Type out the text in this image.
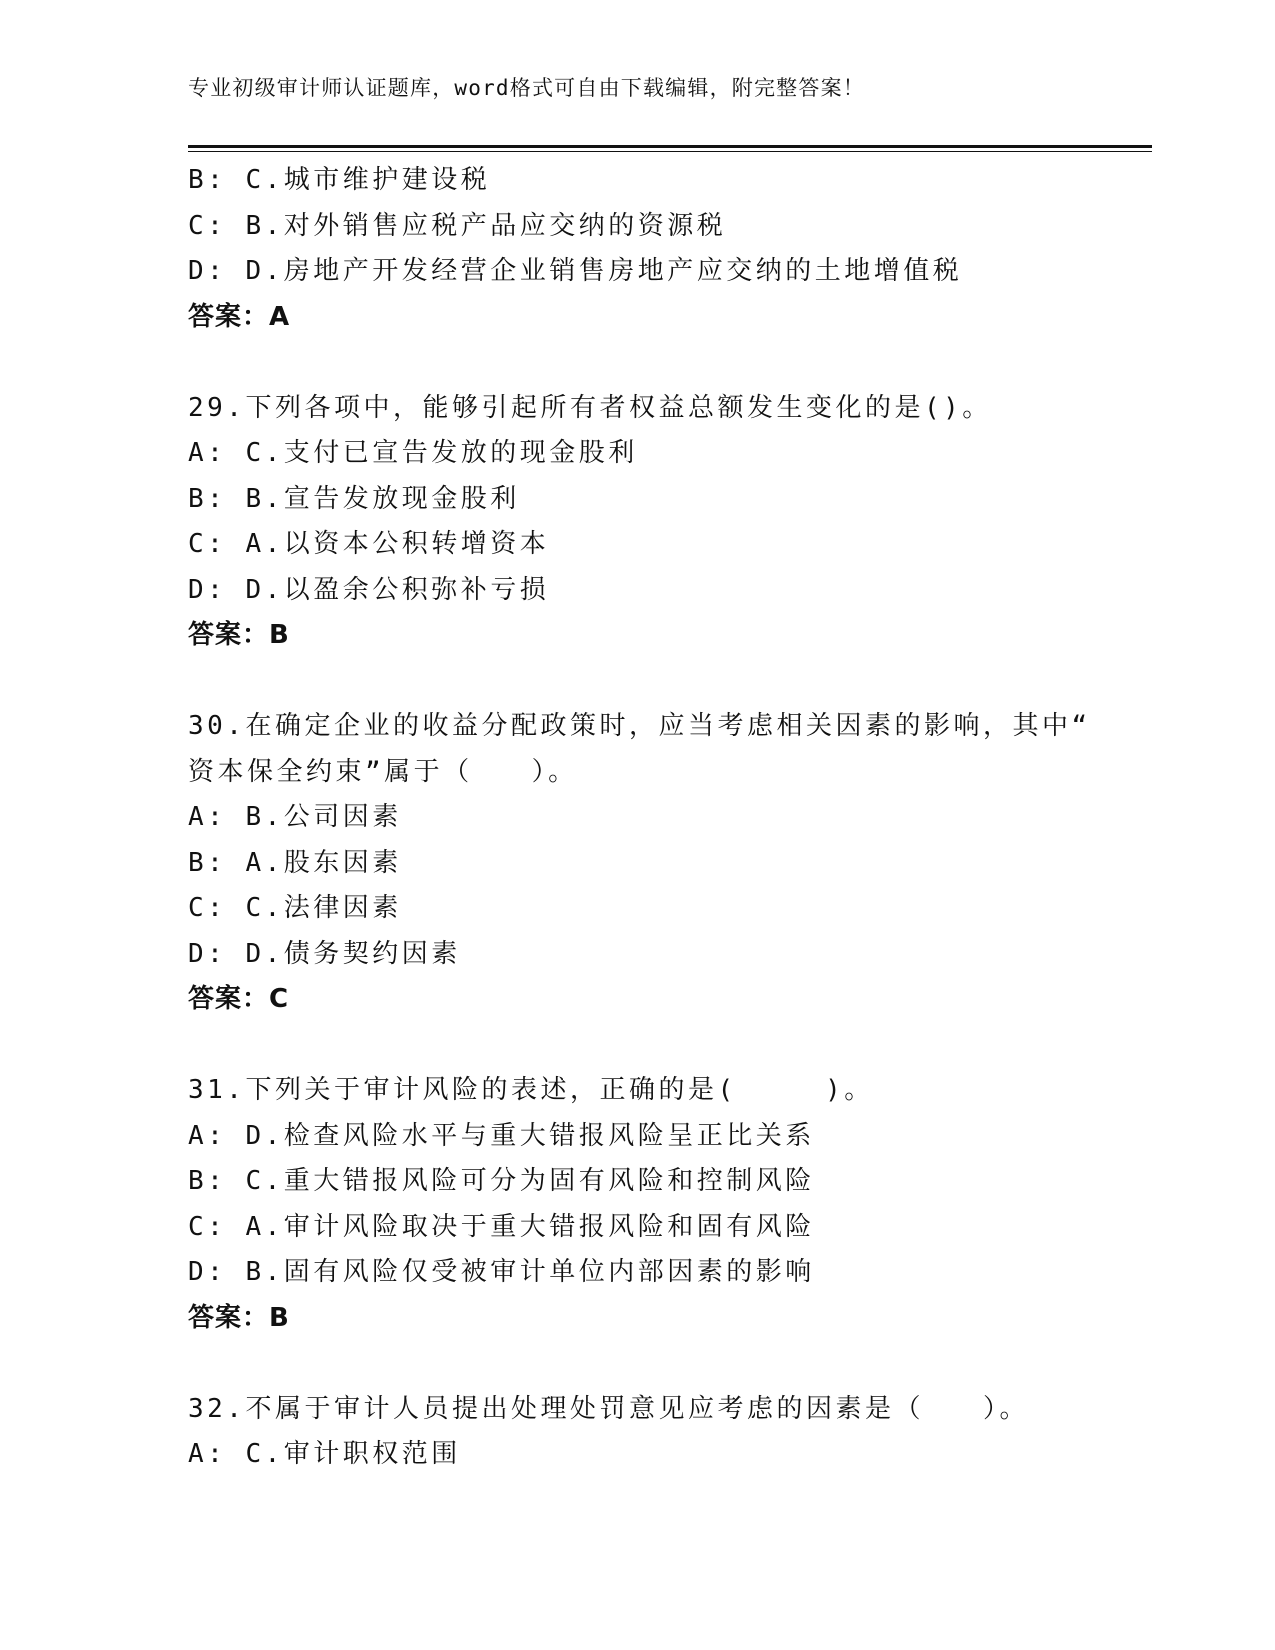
专业初级审计师认证题库，word格式可自由下载编辑，附完整答案！
B: C.城市维护建设税
C: B.对外销售应税产品应交纳的资源税
D: D.房地产开发经营企业销售房地产应交纳的土地增值税
答案：A
29.下列各项中，能够引起所有者权益总额发生变化的是()。
A: C.支付已宣告发放的现金股利
B: B.宣告发放现金股利
C: A.以资本公积转增资本
D: D.以盈余公积弥补亏损
答案：B
30.在确定企业的收益分配政策时，应当考虑相关因素的影响，其中“
资本保全约束”属于（　　）。
A: B.公司因素
B: A.股东因素
C: C.法律因素
D: D.债务契约因素
答案：C
31.下列关于审计风险的表述，正确的是(　　　)。
A: D.检查风险水平与重大错报风险呈正比关系
B: C.重大错报风险可分为固有风险和控制风险
C: A.审计风险取决于重大错报风险和固有风险
D: B.固有风险仅受被审计单位内部因素的影响
答案：B
32.不属于审计人员提出处理处罚意见应考虑的因素是（　　）。
A: C.审计职权范围
